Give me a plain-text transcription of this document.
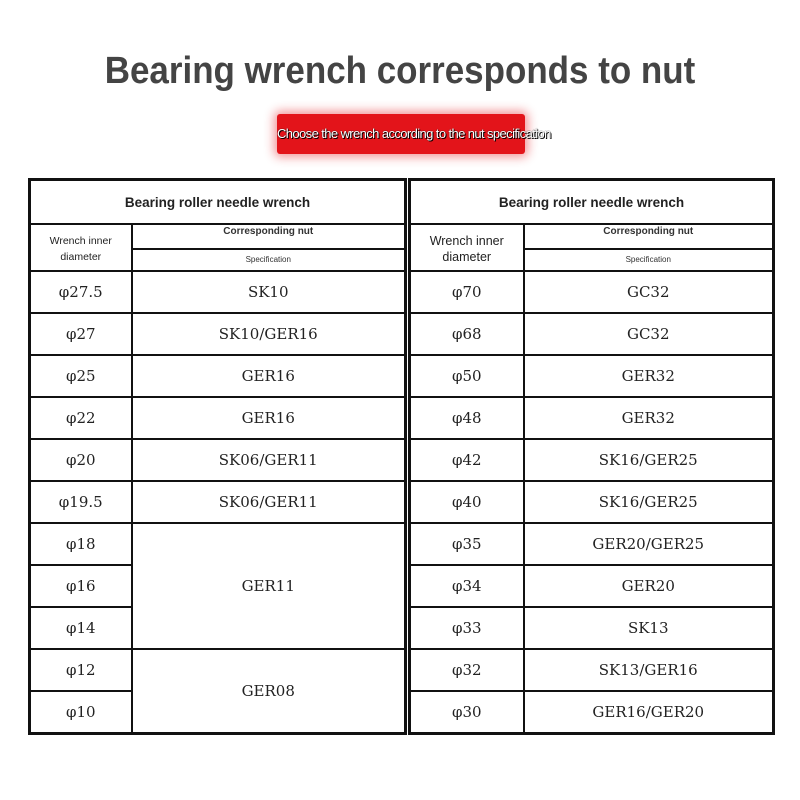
Bearing wrench corresponds to nut
Choose the wrench according to the nut specification
Bearing roller needle wrench	
Wrench inner diameter	Corresponding nut
	Specification
φ27.5	SK10
φ27	SK10/GER16
φ25	GER16
φ22	GER16
φ20	SK06/GER11
φ19.5	SK06/GER11
φ18	GER11
φ16	
φ14	
φ12	GER08
φ10	
Bearing roller needle wrench	
Wrench inner diameter	Corresponding nut
	Specification
φ70	GC32
φ68	GC32
φ50	GER32
φ48	GER32
φ42	SK16/GER25
φ40	SK16/GER25
φ35	GER20/GER25
φ34	GER20
φ33	SK13
φ32	SK13/GER16
φ30	GER16/GER20
